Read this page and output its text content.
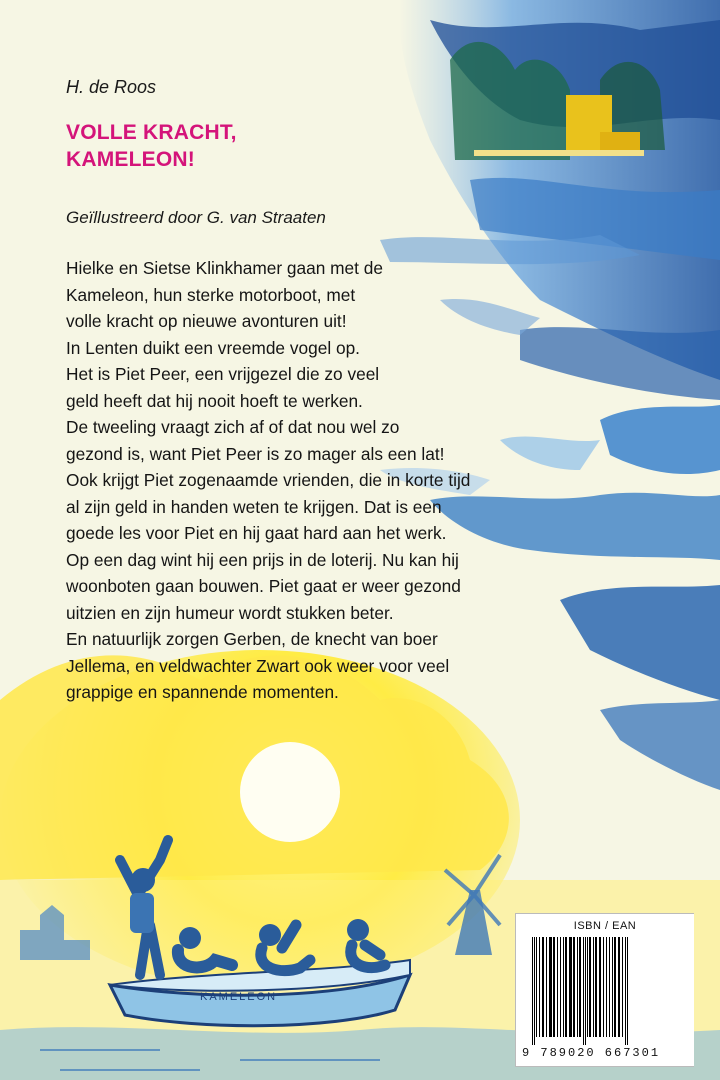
KAMELEON
H. de Roos
VOLLE KRACHT,
KAMELEON!
Geïllustreerd door G. van Straaten
Hielke en Sietse Klinkhamer gaan met de
Kameleon, hun sterke motorboot, met
volle kracht op nieuwe avonturen uit!
In Lenten duikt een vreemde vogel op.
Het is Piet Peer, een vrijgezel die zo veel
geld heeft dat hij nooit hoeft te werken.
De tweeling vraagt zich af of dat nou wel zo
gezond is, want Piet Peer is zo mager als een lat!
Ook krijgt Piet zogenaamde vrienden, die in korte tijd
al zijn geld in handen weten te krijgen. Dat is een
goede les voor Piet en hij gaat hard aan het werk.
Op een dag wint hij een prijs in de loterij. Nu kan hij
woonboten gaan bouwen. Piet gaat er weer gezond
uitzien en zijn humeur wordt stukken beter.
En natuurlijk zorgen Gerben, de knecht van boer
Jellema, en veldwachter Zwart ook weer voor veel
grappige en spannende momenten.
ISBN / EAN
9 789020 667301
